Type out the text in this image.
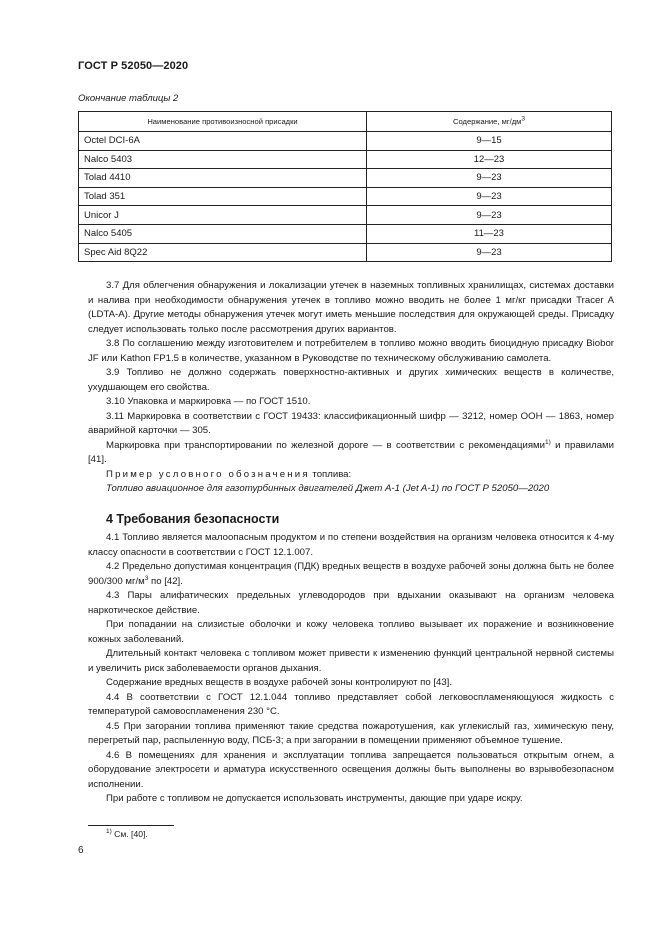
ГОСТ Р 52050—2020
Окончание таблицы 2
Наименование противоизносной присадки	Содержание, $мг/дм^3$
Octel DCI-6A	9—15
Nalco 5403	12—23
Tolad 4410	9—23
Tolad 351	9—23
Unicor J	9—23
Nalco 5405	11—23
Spec Aid 8Q22	9—23

3.7 Для облегчения обнаружения и локализации утечек в наземных топливных хранилищах, системах доставки и налива при необходимости обнаружения утечек в топливо можно вводить не более 1 мг/кг присадки Tracer A (LDTA-A). Другие методы обнаружения утечек могут иметь меньшие последствия для окружающей среды. Присадку следует использовать только после рассмотрения других вариантов.

3.8 По соглашению между изготовителем и потребителем в топливо можно вводить биоцидную присадку Biobor JF или Kathon FP1.5 в количестве, указанном в Руководстве по техническому обслуживанию самолета.

3.9 Топливо не должно содержать поверхностно-активных и других химических веществ в количестве, ухудшающем его свойства.

3.10 Упаковка и маркировка — по ГОСТ 1510.

3.11 Маркировка в соответствии с ГОСТ 19433: классификационный шифр — 3212, номер ООН — 1863, номер аварийной карточки — 305.

Маркировка при транспортировании по железной дороге — в соответствии с рекомендациями$^{1)}$ и правилами [41].

Пример условного обозначения топлива:

Топливо авиационное для газотурбинных двигателей Джет А-1 (Jet A-1) по ГОСТ Р 52050—2020

4 Требования безопасности

4.1 Топливо является малоопасным продуктом и по степени воздействия на организм человека относится к 4-му классу опасности в соответствии с ГОСТ 12.1.007.

4.2 Предельно допустимая концентрация (ПДК) вредных веществ в воздухе рабочей зоны должна быть не более 900/300 $мг/м^3$ по [42].

4.3 Пары алифатических предельных углеводородов при вдыхании оказывают на организм человека наркотическое действие.

При попадании на слизистые оболочки и кожу человека топливо вызывает их поражение и возникновение кожных заболеваний.

Длительный контакт человека с топливом может привести к изменению функций центральной нервной системы и увеличить риск заболеваемости органов дыхания.

Содержание вредных веществ в воздухе рабочей зоны контролируют по [43].

4.4 В соответствии с ГОСТ 12.1.044 топливо представляет собой легковоспламеняющуюся жидкость с температурой самовоспламенения 230 °С.

4.5 При загорании топлива применяют такие средства пожаротушения, как углекислый газ, химическую пену, перегретый пар, распыленную воду, ПСБ-3; а при загорании в помещении применяют объемное тушение.

4.6 В помещениях для хранения и эксплуатации топлива запрещается пользоваться открытым огнем, а оборудование электросети и арматура искусственного освещения должны быть выполнены во взрывобезопасном исполнении.

При работе с топливом не допускается использовать инструменты, дающие при ударе искру.

$^{1)}$ См. [40].
6
